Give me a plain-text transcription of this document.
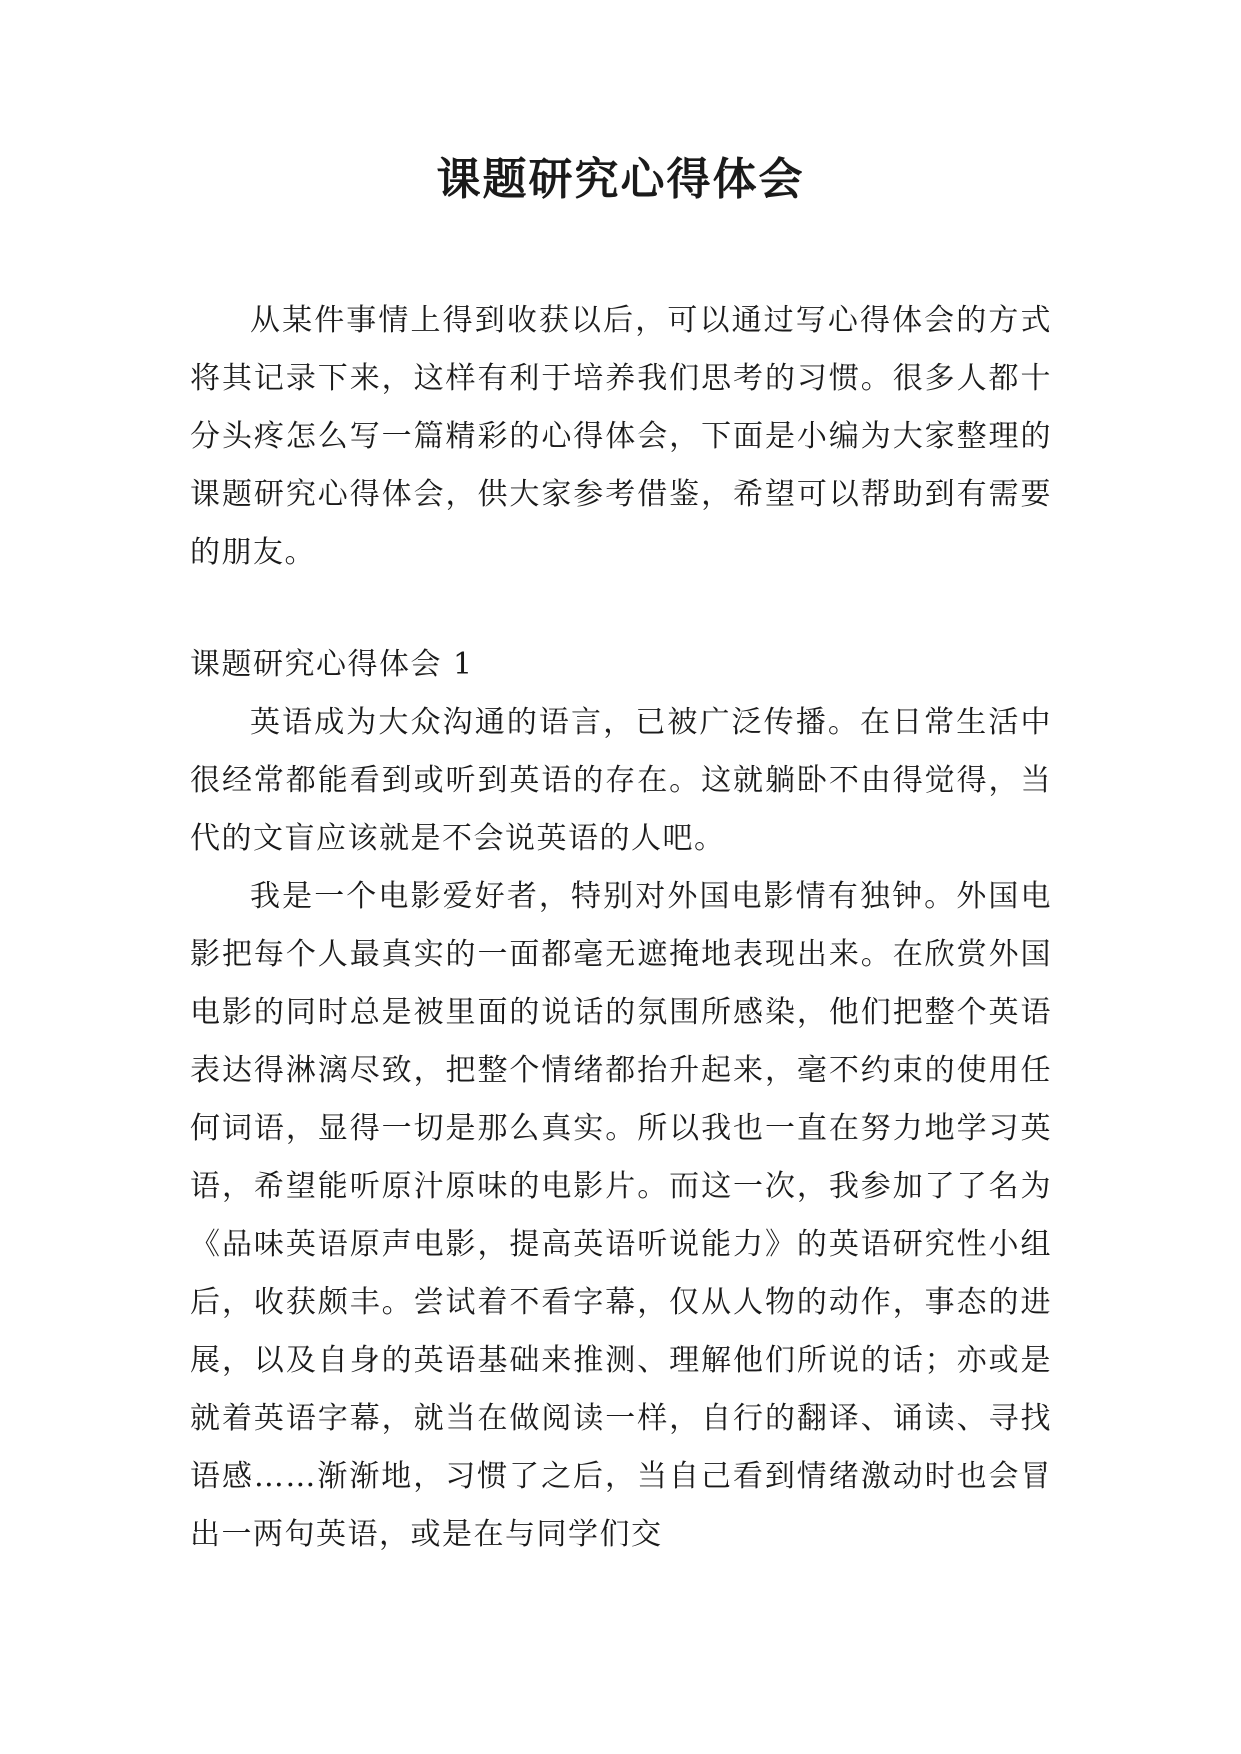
课题研究心得体会

从某件事情上得到收获以后，可以通过写心得体会的方式将其记录下来，这样有利于培养我们思考的习惯。很多人都十分头疼怎么写一篇精彩的心得体会，下面是小编为大家整理的课题研究心得体会，供大家参考借鉴，希望可以帮助到有需要的朋友。

课题研究心得体会 1

英语成为大众沟通的语言，已被广泛传播。在日常生活中很经常都能看到或听到英语的存在。这就躺卧不由得觉得，当代的文盲应该就是不会说英语的人吧。

我是一个电影爱好者，特别对外国电影情有独钟。外国电影把每个人最真实的一面都毫无遮掩地表现出来。在欣赏外国电影的同时总是被里面的说话的氛围所感染，他们把整个英语表达得淋漓尽致，把整个情绪都抬升起来，毫不约束的使用任何词语，显得一切是那么真实。所以我也一直在努力地学习英语，希望能听原汁原味的电影片。而这一次，我参加了了名为《品味英语原声电影，提高英语听说能力》的英语研究性小组后，收获颇丰。尝试着不看字幕，仅从人物的动作，事态的进展，以及自身的英语基础来推测、理解他们所说的话；亦或是就着英语字幕，就当在做阅读一样，自行的翻译、诵读、寻找语感……渐渐地，习惯了之后，当自己看到情绪激动时也会冒出一两句英语，或是在与同学们交
